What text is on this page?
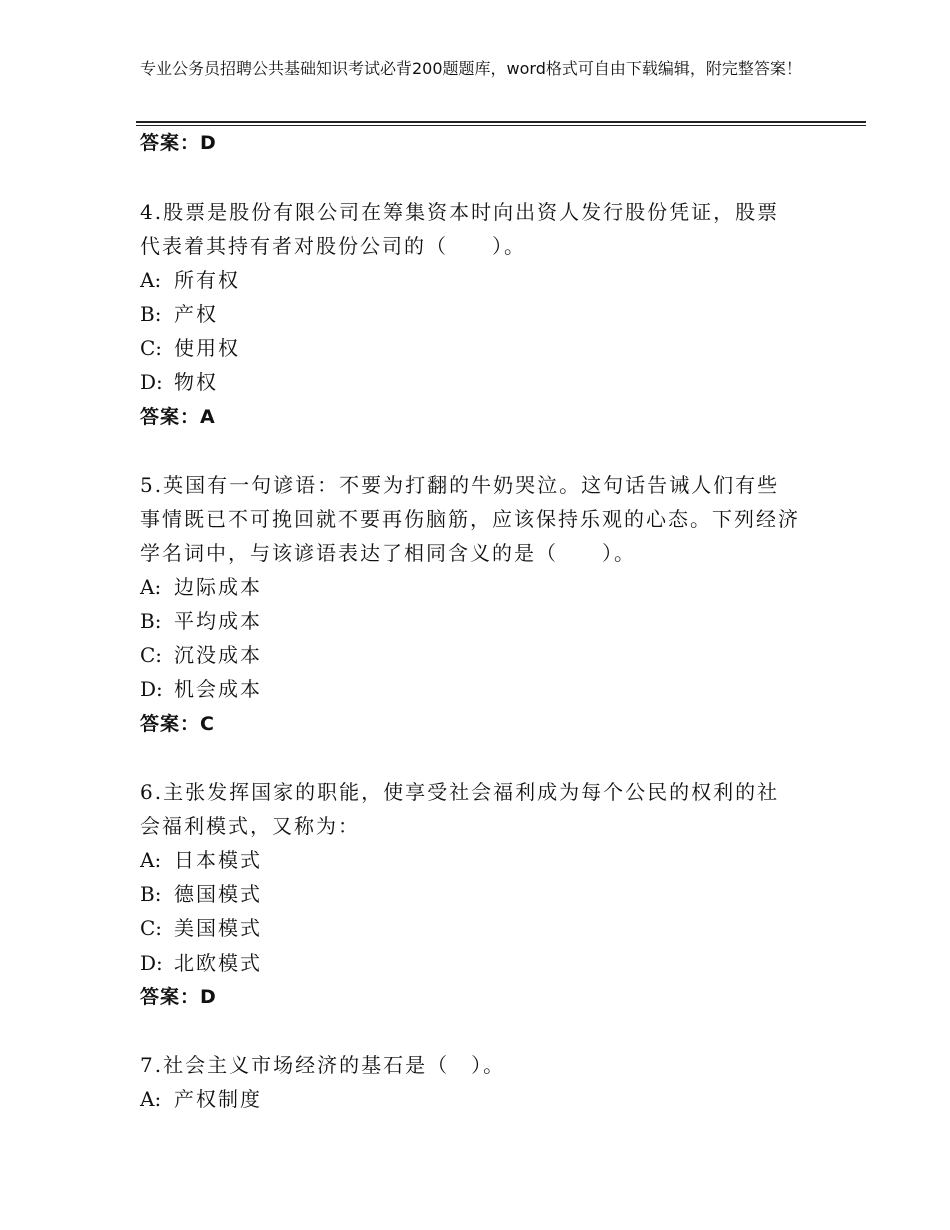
专业公务员招聘公共基础知识考试必背200题题库，word格式可自由下载编辑，附完整答案！
答案：D
4.股票是股份有限公司在筹集资本时向出资人发行股份凭证，股票代表着其持有者对股份公司的（　　）。
A: 所有权
B: 产权
C: 使用权
D: 物权
答案：A
5.英国有一句谚语：不要为打翻的牛奶哭泣。这句话告诫人们有些事情既已不可挽回就不要再伤脑筋，应该保持乐观的心态。下列经济学名词中，与该谚语表达了相同含义的是（　　）。
A: 边际成本
B: 平均成本
C: 沉没成本
D: 机会成本
答案：C
6.主张发挥国家的职能，使享受社会福利成为每个公民的权利的社会福利模式，又称为：
A: 日本模式
B: 德国模式
C: 美国模式
D: 北欧模式
答案：D
7.社会主义市场经济的基石是（　）。
A: 产权制度
